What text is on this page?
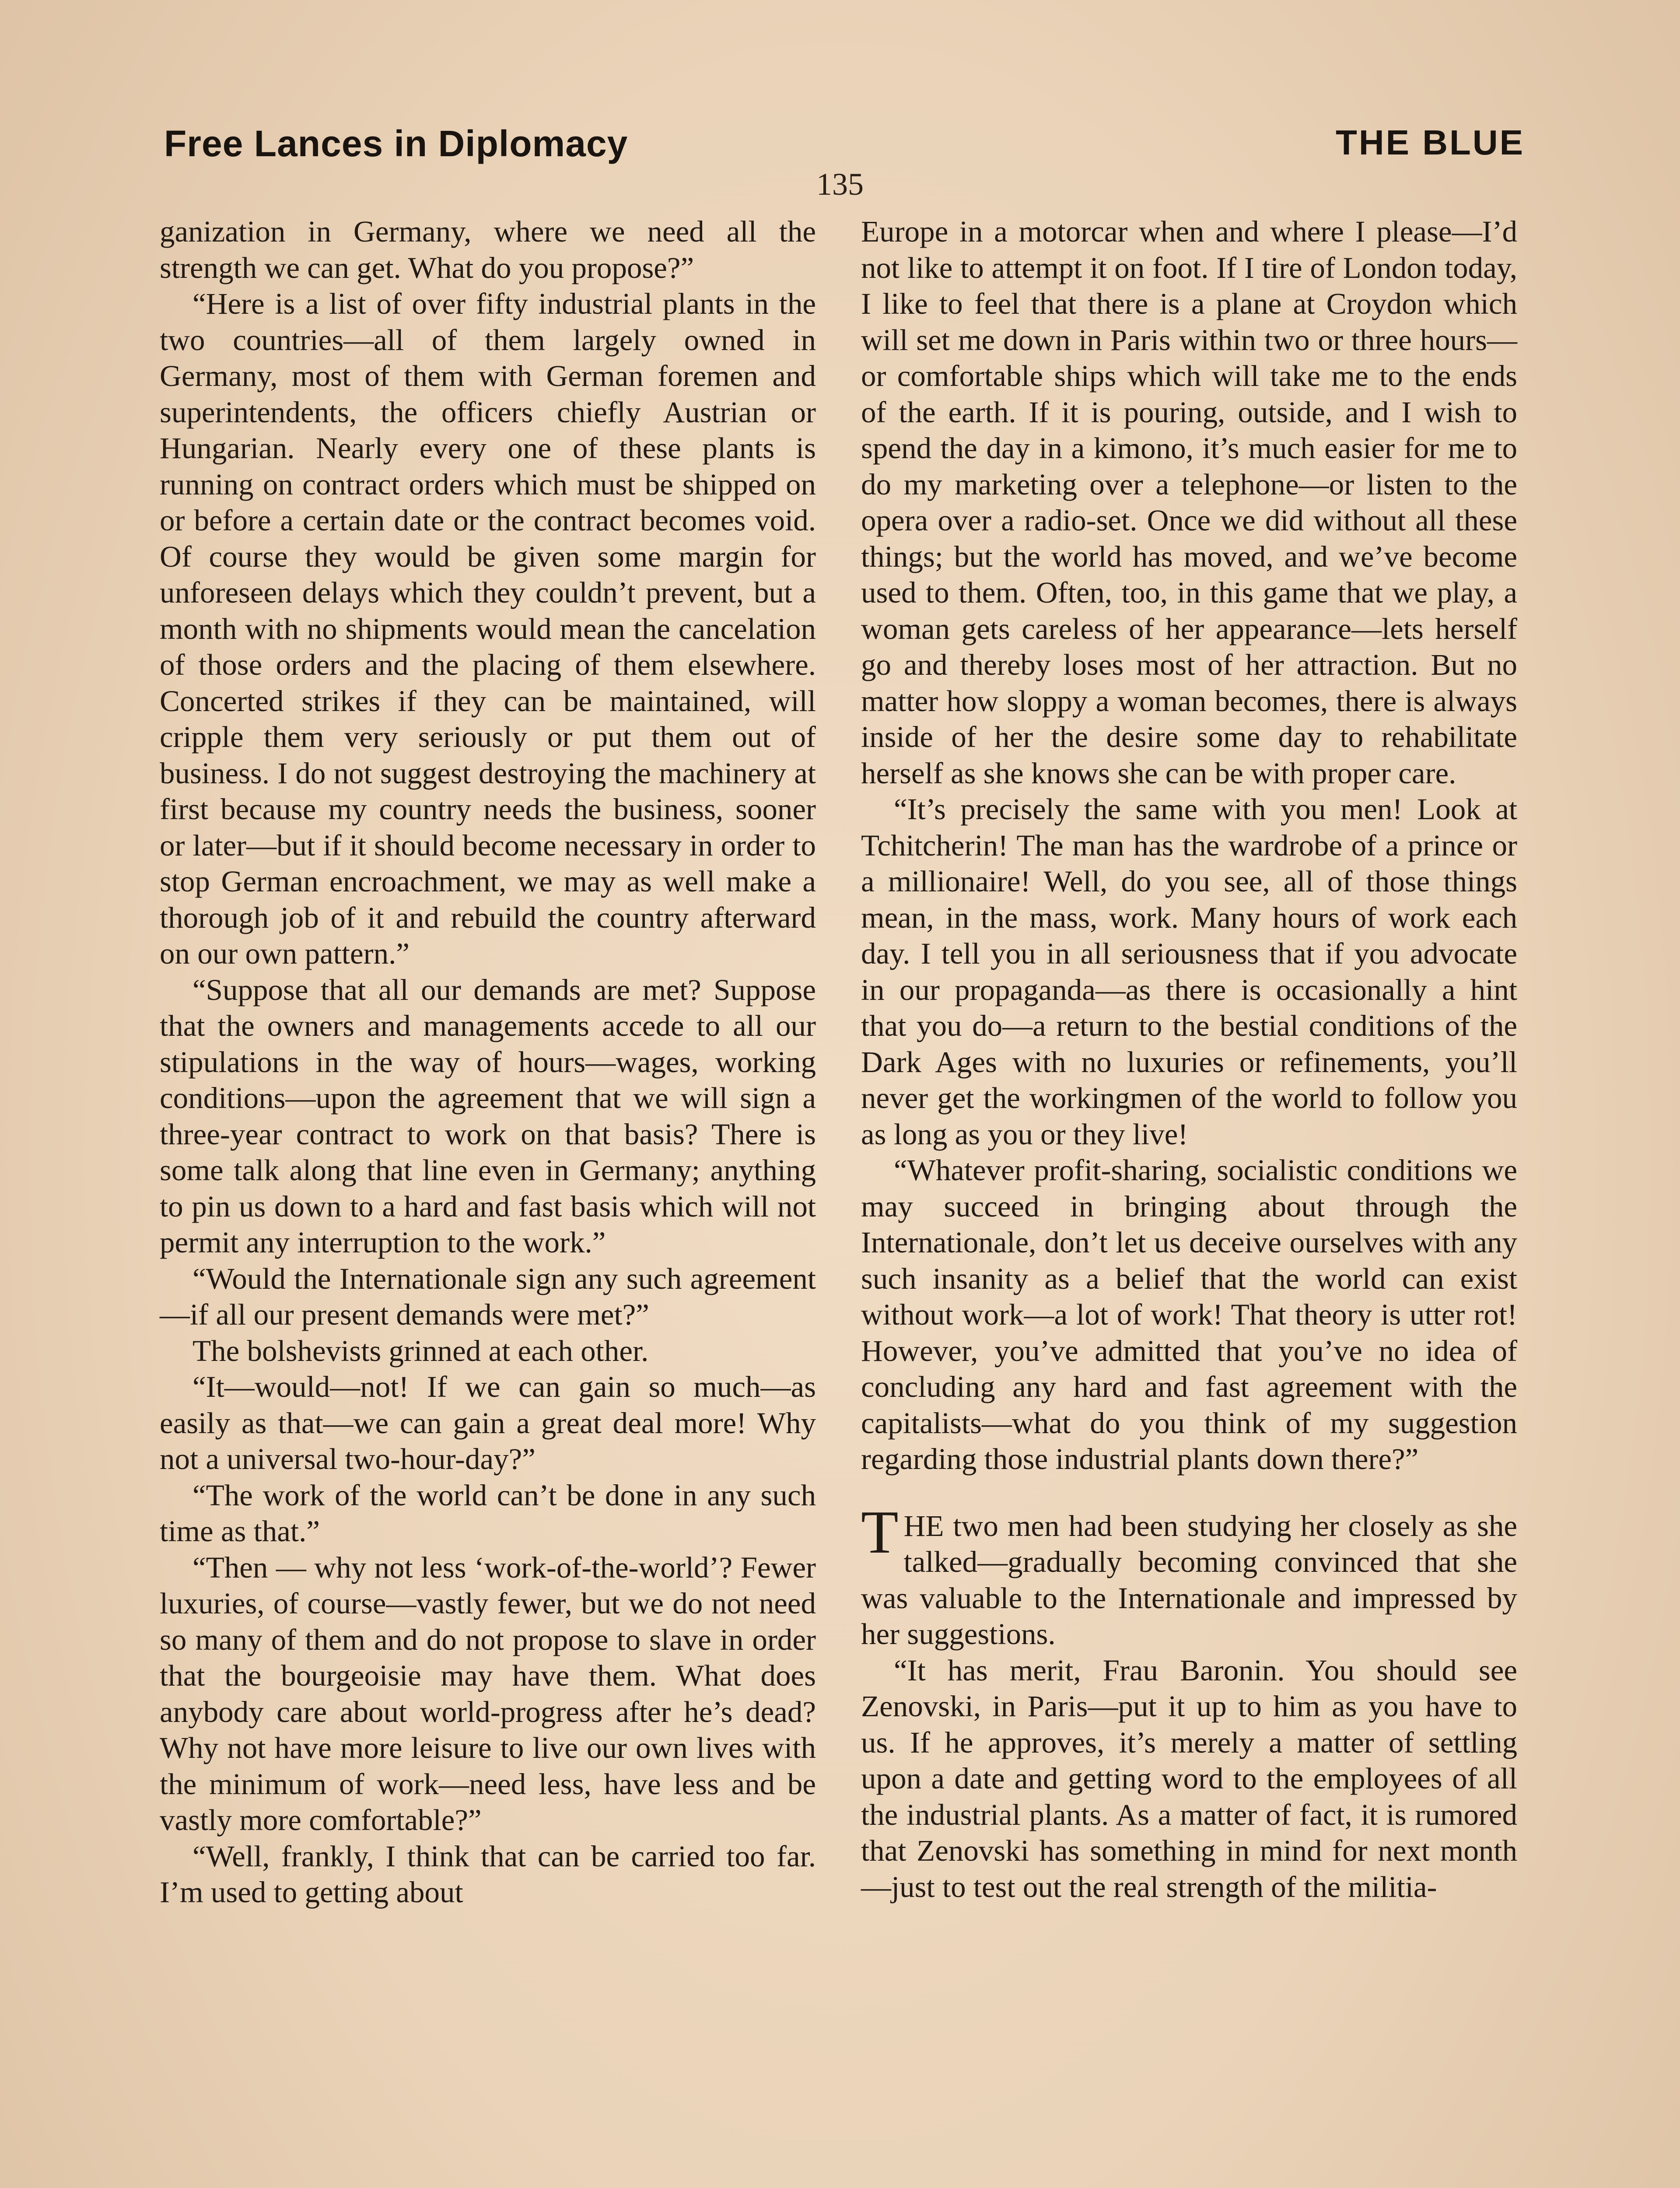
Free Lances in Diplomacy	THE BLUE
135

ganization in Germany, where we need all the strength we can get. What do you propose?”

“Here is a list of over fifty industrial plants in the two countries—all of them largely owned in Germany, most of them with German foremen and superintendents, the officers chiefly Austrian or Hungarian. Nearly every one of these plants is running on contract orders which must be shipped on or before a certain date or the contract becomes void. Of course they would be given some margin for unforeseen delays which they couldn’t prevent, but a month with no shipments would mean the cancelation of those orders and the placing of them elsewhere. Concerted strikes if they can be maintained, will cripple them very seriously or put them out of business. I do not suggest destroying the machinery at first because my country needs the business, sooner or later—but if it should become necessary in order to stop German encroachment, we may as well make a thorough job of it and rebuild the country afterward on our own pattern.”

“Suppose that all our demands are met? Suppose that the owners and managements accede to all our stipulations in the way of hours—wages, working conditions—upon the agreement that we will sign a three-year contract to work on that basis? There is some talk along that line even in Germany; anything to pin us down to a hard and fast basis which will not permit any interruption to the work.”

“Would the Internationale sign any such agreement—if all our present demands were met?”

The bolshevists grinned at each other.

“It—would—not! If we can gain so much—as easily as that—we can gain a great deal more! Why not a universal two-hour-day?”

“The work of the world can’t be done in any such time as that.”

“Then — why not less ‘work-of-the-world’? Fewer luxuries, of course—vastly fewer, but we do not need so many of them and do not propose to slave in order that the bourgeoisie may have them. What does anybody care about world-progress after he’s dead? Why not have more leisure to live our own lives with the minimum of work—need less, have less and be vastly more comfortable?”

“Well, frankly, I think that can be carried too far. I’m used to getting about

Europe in a motorcar when and where I please—I’d not like to attempt it on foot. If I tire of London today, I like to feel that there is a plane at Croydon which will set me down in Paris within two or three hours—or comfortable ships which will take me to the ends of the earth. If it is pouring, outside, and I wish to spend the day in a kimono, it’s much easier for me to do my marketing over a telephone—or listen to the opera over a radio-set. Once we did without all these things; but the world has moved, and we’ve become used to them. Often, too, in this game that we play, a woman gets careless of her appearance—lets herself go and thereby loses most of her attraction. But no matter how sloppy a woman becomes, there is always inside of her the desire some day to rehabilitate herself as she knows she can be with proper care.

“It’s precisely the same with you men! Look at Tchitcherin! The man has the wardrobe of a prince or a millionaire! Well, do you see, all of those things mean, in the mass, work. Many hours of work each day. I tell you in all seriousness that if you advocate in our propaganda—as there is occasionally a hint that you do—a return to the bestial conditions of the Dark Ages with no luxuries or refinements, you’ll never get the workingmen of the world to follow you as long as you or they live!

“Whatever profit-sharing, socialistic conditions we may succeed in bringing about through the Internationale, don’t let us deceive ourselves with any such insanity as a belief that the world can exist without work—a lot of work! That theory is utter rot! However, you’ve admitted that you’ve no idea of concluding any hard and fast agreement with the capitalists—what do you think of my suggestion regarding those industrial plants down there?”

THE two men had been studying her closely as she talked—gradually becoming convinced that she was valuable to the Internationale and impressed by her suggestions.

“It has merit, Frau Baronin. You should see Zenovski, in Paris—put it up to him as you have to us. If he approves, it’s merely a matter of settling upon a date and getting word to the employees of all the industrial plants. As a matter of fact, it is rumored that Zenovski has something in mind for next month—just to test out the real strength of the militia-
